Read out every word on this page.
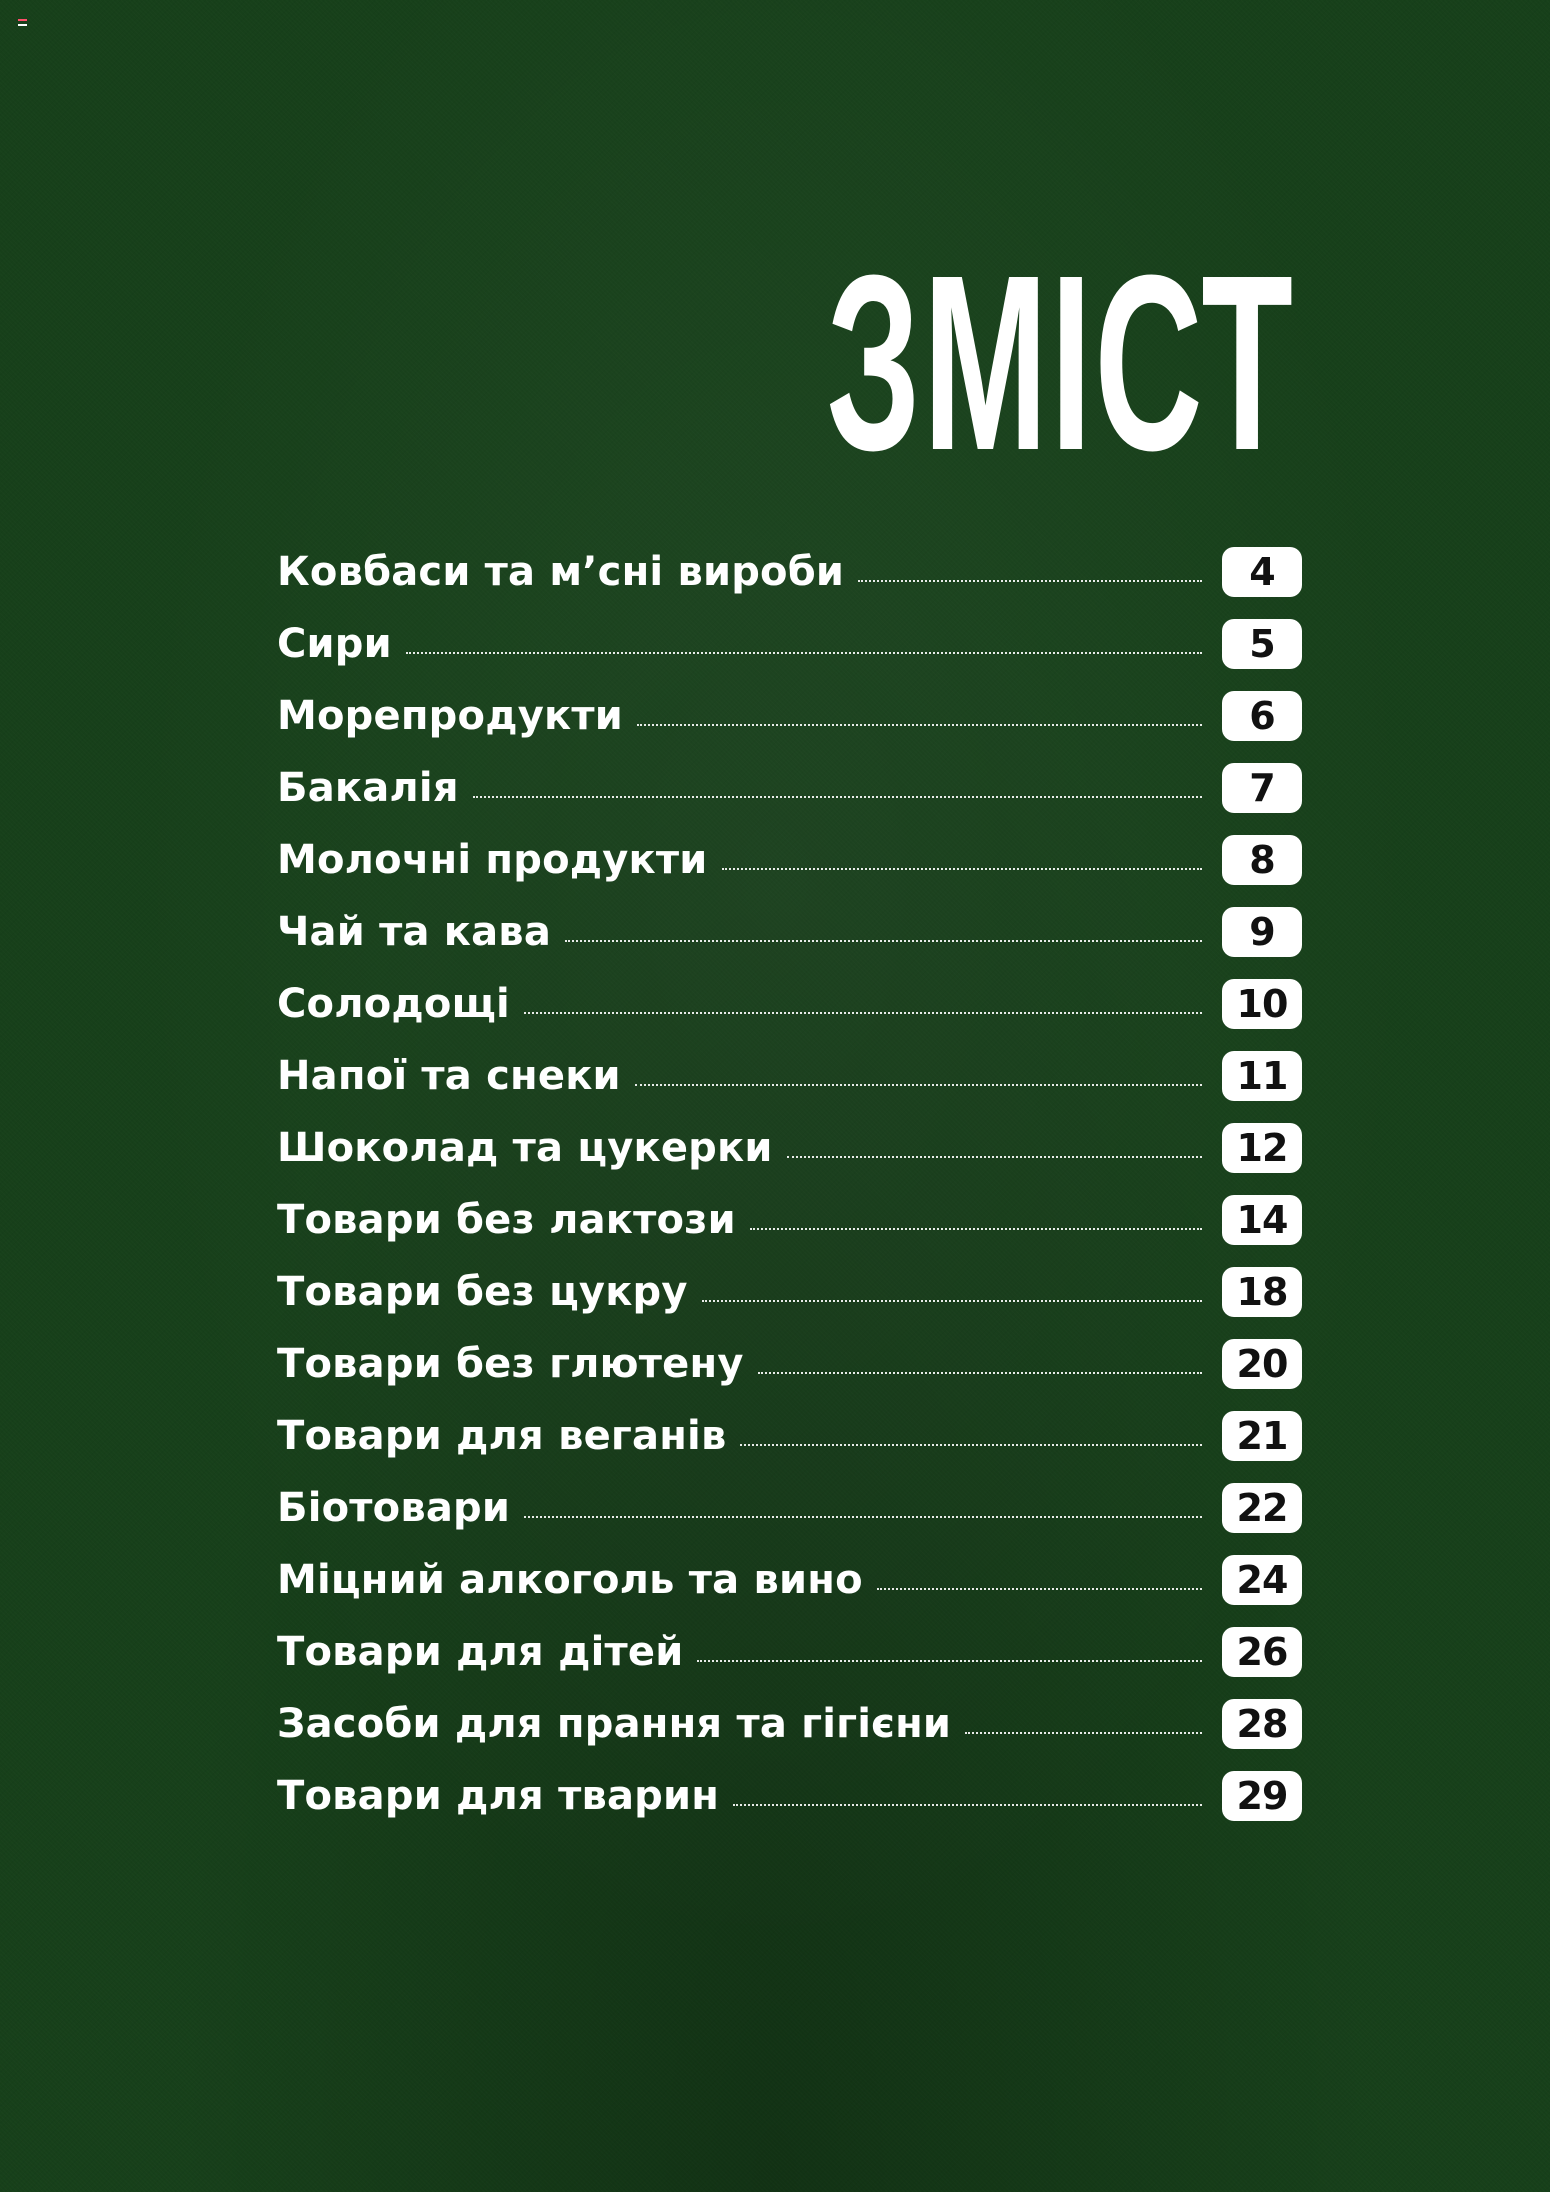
ЗМІСТ
Ковбаси та м’сні вироби	4
Сири	5
Морепродукти	6
Бакалія	7
Молочні продукти	8
Чай та кава	9
Солодощі	10
Напої та снеки	11
Шоколад та цукерки	12
Товари без лактози	14
Товари без цукру	18
Товари без глютену	20
Товари для веганів	21
Біотовари	22
Міцний алкоголь та вино	24
Товари для дітей	26
Засоби для прання та гігієни	28
Товари для тварин	29
